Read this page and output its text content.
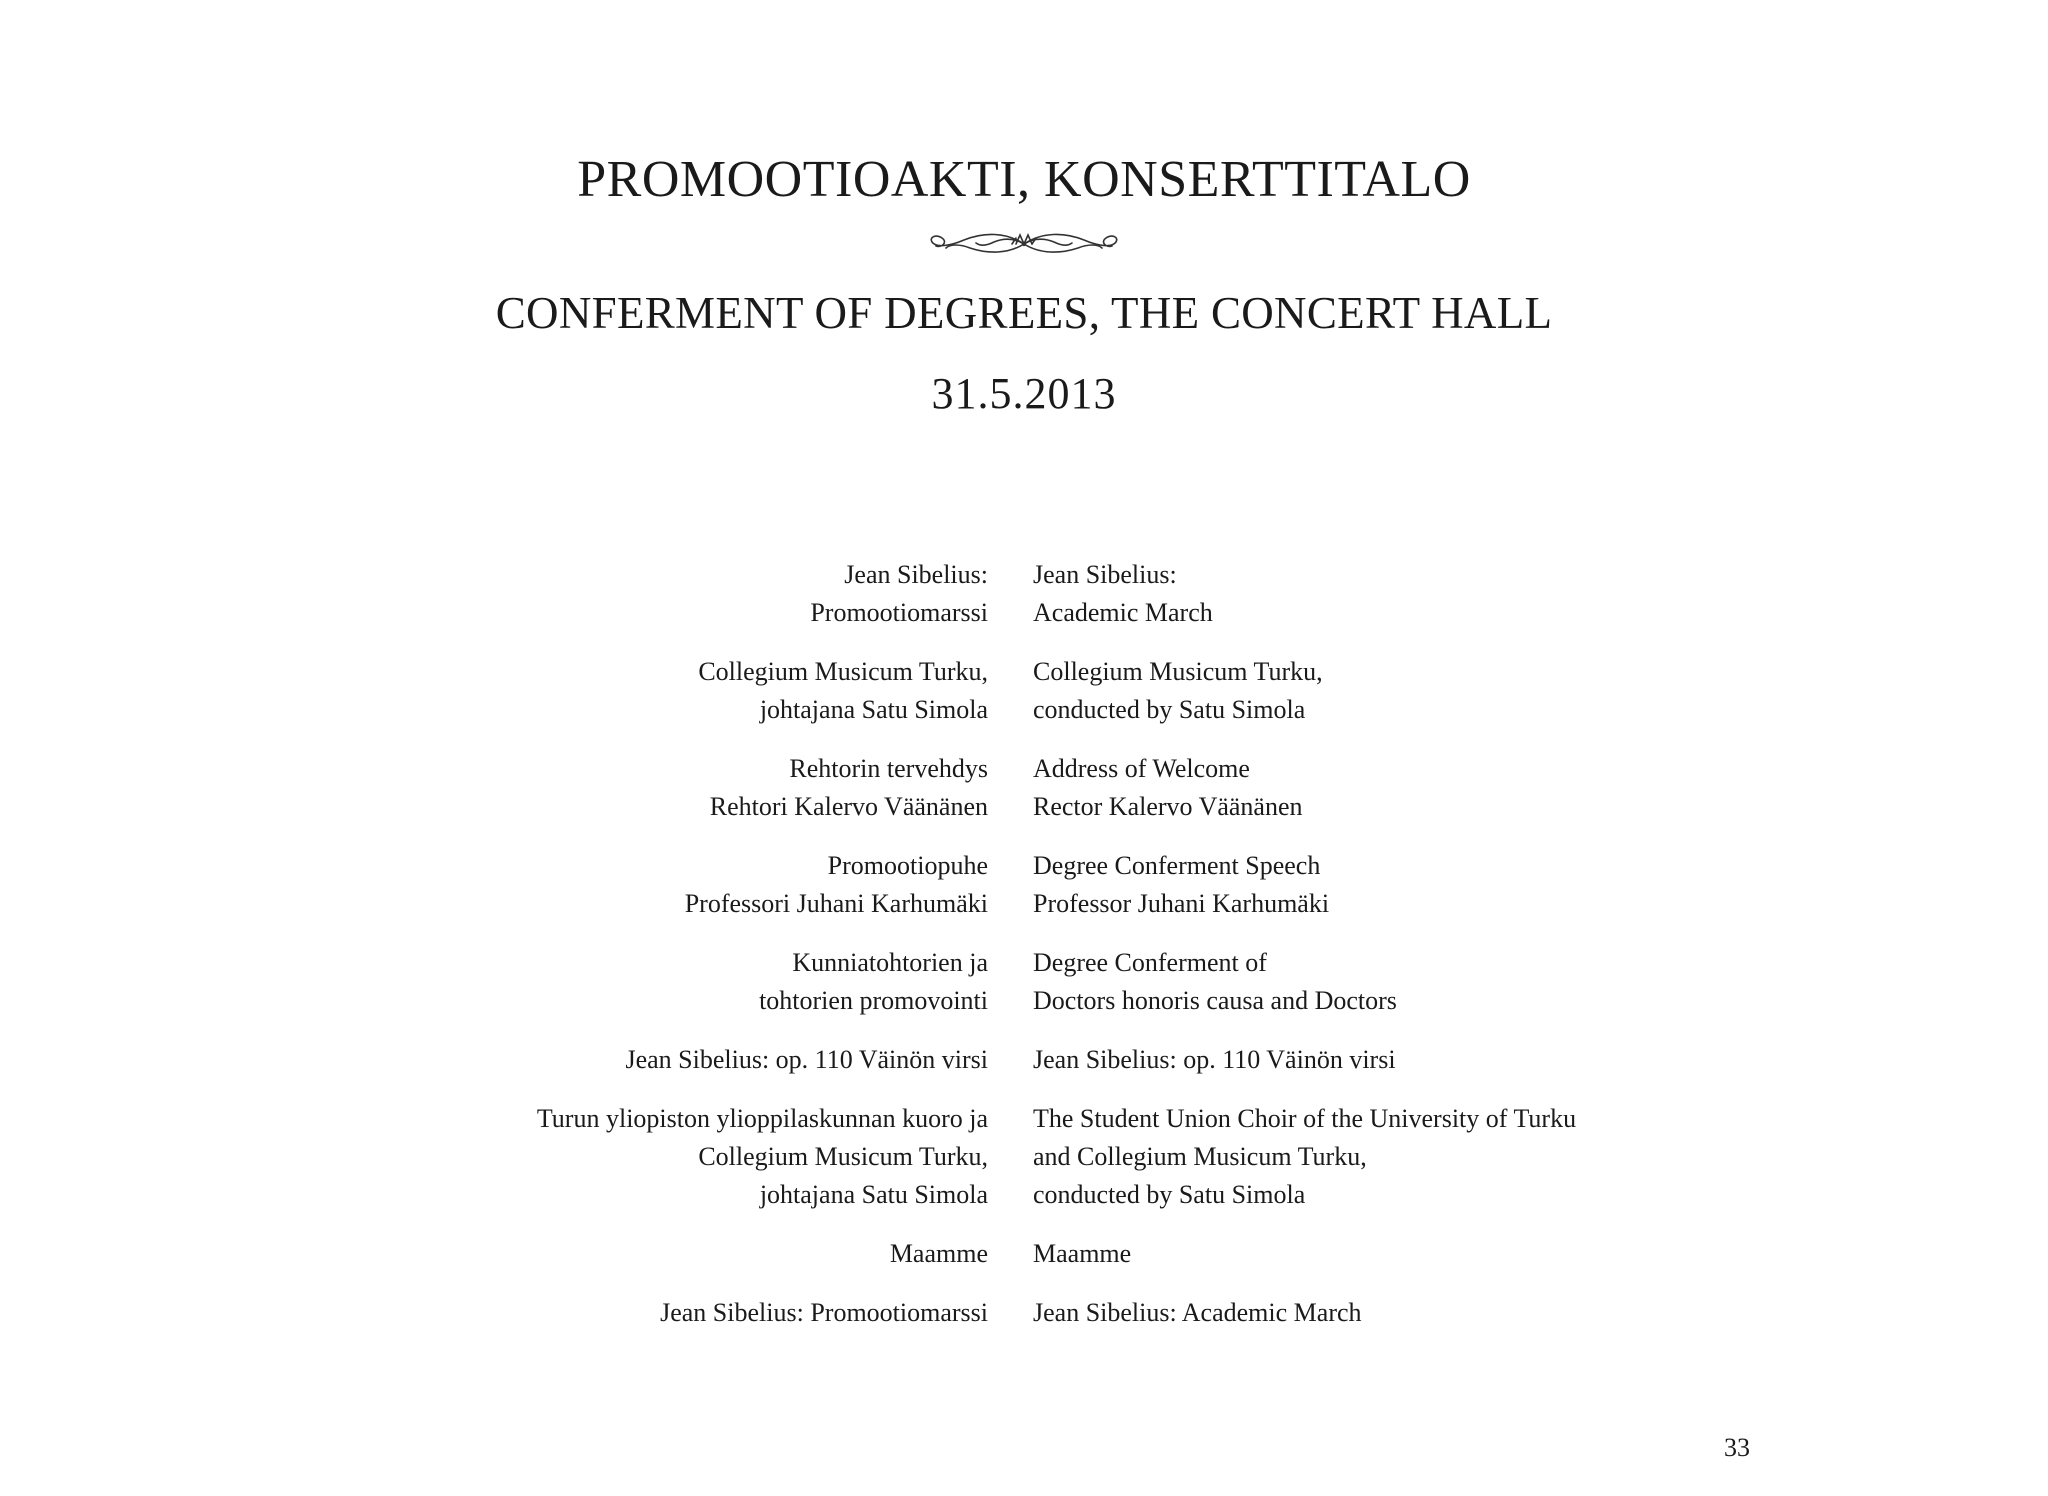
PROMOOTIOAKTI, KONSERTTITALO
CONFERMENT OF DEGREES, THE CONCERT HALL
31.5.2013
Jean Sibelius:
Promootiomarssi
Jean Sibelius:
Academic March
Collegium Musicum Turku,
johtajana Satu Simola
Collegium Musicum Turku,
conducted by Satu Simola
Rehtorin tervehdys
Rehtori Kalervo Väänänen
Address of Welcome
Rector Kalervo Väänänen
Promootiopuhe
Professori Juhani Karhumäki
Degree Conferment Speech
Professor Juhani Karhumäki
Kunniatohtorien ja
tohtorien promovointi
Degree Conferment of
Doctors honoris causa and Doctors
Jean Sibelius: op. 110 Väinön virsi Jean Sibelius: op. 110 Väinön virsi
Turun yliopiston ylioppilaskunnan kuoro ja
Collegium Musicum Turku,
johtajana Satu Simola
The Student Union Choir of the University of Turku
and Collegium Musicum Turku,
conducted by Satu Simola
Maamme Maamme
Jean Sibelius: Promootiomarssi Jean Sibelius: Academic March
33
